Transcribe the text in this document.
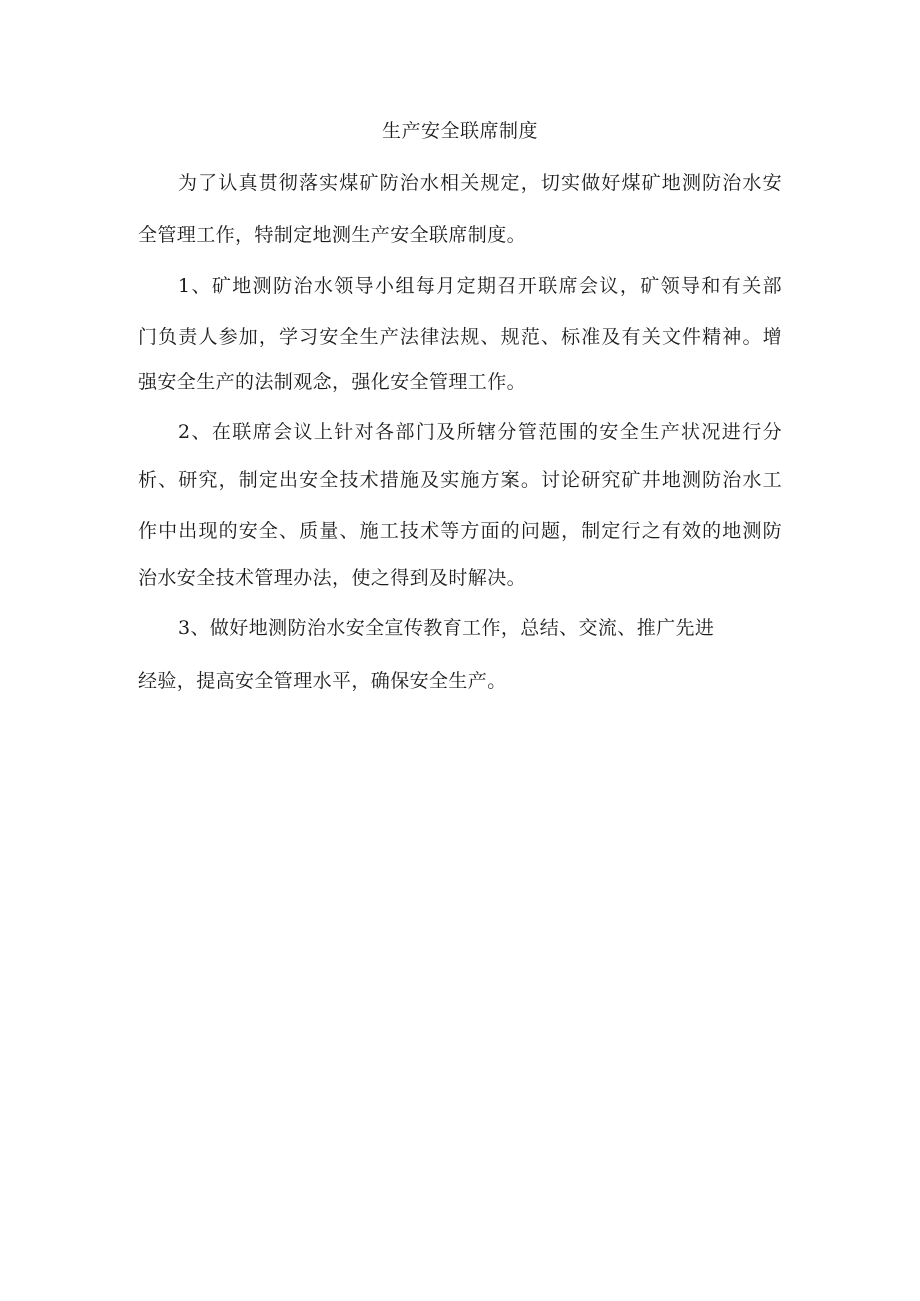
生产安全联席制度
为了认真贯彻落实煤矿防治水相关规定，切实做好煤矿地测防治水安
全管理工作，特制定地测生产安全联席制度。
1、矿地测防治水领导小组每月定期召开联席会议，矿领导和有关部
门负责人参加，学习安全生产法律法规、规范、标准及有关文件精神。增
强安全生产的法制观念，强化安全管理工作。
2、在联席会议上针对各部门及所辖分管范围的安全生产状况进行分
析、研究，制定出安全技术措施及实施方案。讨论研究矿井地测防治水工
作中出现的安全、质量、施工技术等方面的问题，制定行之有效的地测防
治水安全技术管理办法，使之得到及时解决。
3、做好地测防治水安全宣传教育工作，总结、交流、推广先进
经验，提高安全管理水平，确保安全生产。
